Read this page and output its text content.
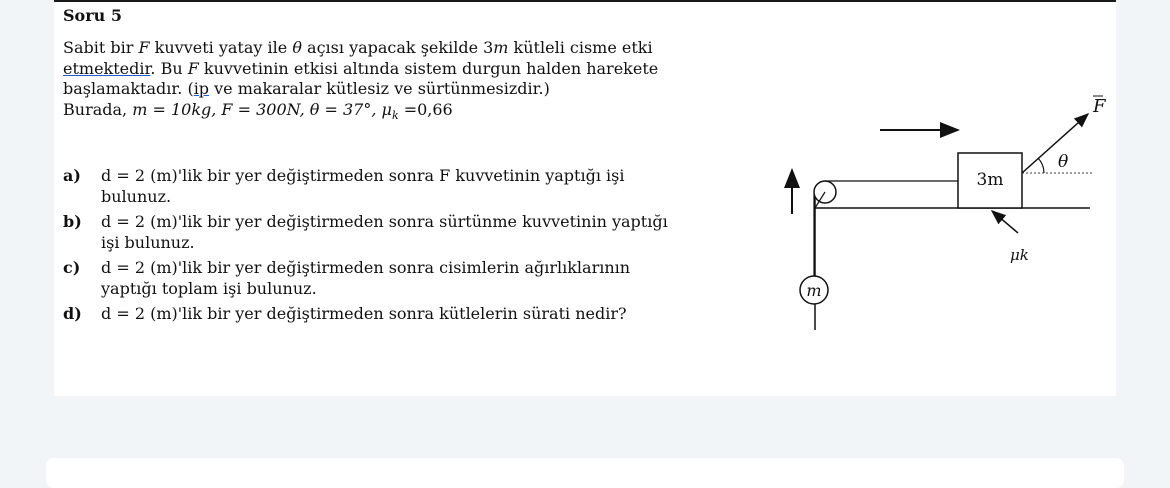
Soru 5
Sabit bir F kuvveti yatay ile θ açısı yapacak şekilde 3m kütleli cisme etki
etmektedir. Bu F kuvvetinin etkisi altında sistem durgun halden harekete
başlamaktadır. (ip ve makaralar kütlesiz ve sürtünmesizdir.)
Burada, m = 10kg, F = 300N, θ = 37°, $\mu_k =0,66$
a) d = 2 (m)'lik bir yer değiştirmeden sonra F kuvvetinin yaptığı işi
bulunuz.
b) d = 2 (m)'lik bir yer değiştirmeden sonra sürtünme kuvvetinin yaptığı
işi bulunuz.
c) d = 2 (m)'lik bir yer değiştirmeden sonra cisimlerin ağırlıklarının
yaptığı toplam işi bulunuz.
d) d = 2 (m)'lik bir yer değiştirmeden sonra kütlelerin sürati nedir?
m
3m
F
θ
μk
